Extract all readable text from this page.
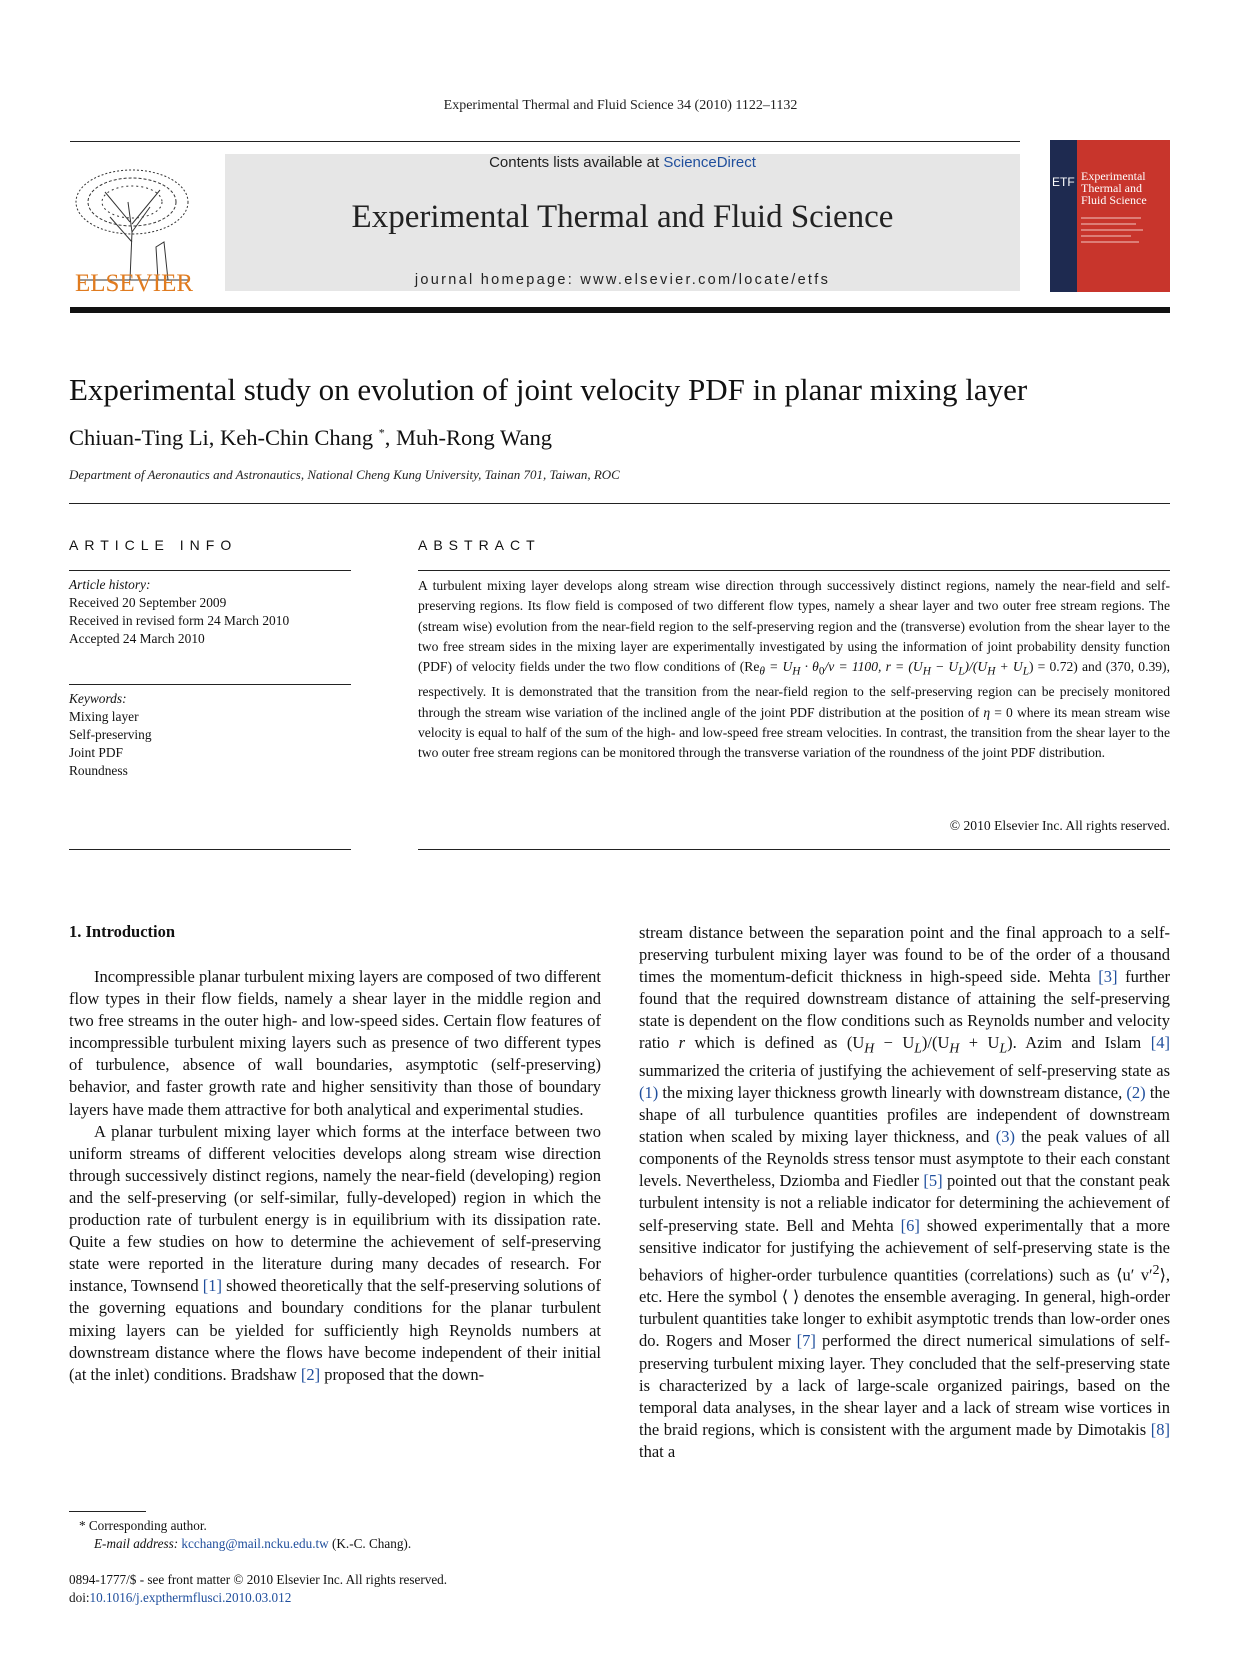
Experimental Thermal and Fluid Science 34 (2010) 1122–1132
ELSEVIER
Contents lists available at ScienceDirect
Experimental Thermal and Fluid Science
journal homepage: www.elsevier.com/locate/etfs
ETF Experimental Thermal and Fluid Science
Experimental study on evolution of joint velocity PDF in planar mixing layer
Chiuan-Ting Li, Keh-Chin Chang *, Muh-Rong Wang
Department of Aeronautics and Astronautics, National Cheng Kung University, Tainan 701, Taiwan, ROC
ARTICLE INFO
Article history:
Received 20 September 2009
Received in revised form 24 March 2010
Accepted 24 March 2010
Keywords:
Mixing layer
Self-preserving
Joint PDF
Roundness
ABSTRACT
A turbulent mixing layer develops along stream wise direction through successively distinct regions, namely the near-field and self-preserving regions. Its flow field is composed of two different flow types, namely a shear layer and two outer free stream regions. The (stream wise) evolution from the near-field region to the self-preserving region and the (transverse) evolution from the shear layer to the two free stream sides in the mixing layer are experimentally investigated by using the information of joint probability density function (PDF) of velocity fields under the two flow conditions of ($Re_\theta = U_H \cdot \theta_0/\nu = 1100$, $r = (U_H - U_L)/(U_H + U_L) = 0.72$) and (370, 0.39), respectively. It is demonstrated that the transition from the near-field region to the self-preserving region can be precisely monitored through the stream wise variation of the inclined angle of the joint PDF distribution at the position of η = 0 where its mean stream wise velocity is equal to half of the sum of the high- and low-speed free stream velocities. In contrast, the transition from the shear layer to the two outer free stream regions can be monitored through the transverse variation of the roundness of the joint PDF distribution.
© 2010 Elsevier Inc. All rights reserved.
1. Introduction

Incompressible planar turbulent mixing layers are composed of two different flow types in their flow fields, namely a shear layer in the middle region and two free streams in the outer high- and low-speed sides. Certain flow features of incompressible turbulent mixing layers such as presence of two different types of turbulence, absence of wall boundaries, asymptotic (self-preserving) behavior, and faster growth rate and higher sensitivity than those of boundary layers have made them attractive for both analytical and experimental studies.

A planar turbulent mixing layer which forms at the interface between two uniform streams of different velocities develops along stream wise direction through successively distinct regions, namely the near-field (developing) region and the self-preserving (or self-similar, fully-developed) region in which the production rate of turbulent energy is in equilibrium with its dissipation rate. Quite a few studies on how to determine the achievement of self-preserving state were reported in the literature during many decades of research. For instance, Townsend [1] showed theoretically that the self-preserving solutions of the governing equations and boundary conditions for the planar turbulent mixing layers can be yielded for sufficiently high Reynolds numbers at downstream distance where the flows have become independent of their initial (at the inlet) conditions. Bradshaw [2] proposed that the down-

stream distance between the separation point and the final approach to a self-preserving turbulent mixing layer was found to be of the order of a thousand times the momentum-deficit thickness in high-speed side. Mehta [3] further found that the required downstream distance of attaining the self-preserving state is dependent on the flow conditions such as Reynolds number and velocity ratio r which is defined as $(U_H - U_L)/(U_H + U_L)$. Azim and Islam [4] summarized the criteria of justifying the achievement of self-preserving state as (1) the mixing layer thickness growth linearly with downstream distance, (2) the shape of all turbulence quantities profiles are independent of downstream station when scaled by mixing layer thickness, and (3) the peak values of all components of the Reynolds stress tensor must asymptote to their each constant levels. Nevertheless, Dziomba and Fiedler [5] pointed out that the constant peak turbulent intensity is not a reliable indicator for determining the achievement of self-preserving state. Bell and Mehta [6] showed experimentally that a more sensitive indicator for justifying the achievement of self-preserving state is the behaviors of higher-order turbulence quantities (correlations) such as ⟨u′ $v'^2⟩$, etc. Here the symbol ⟨ ⟩ denotes the ensemble averaging. In general, high-order turbulent quantities take longer to exhibit asymptotic trends than low-order ones do. Rogers and Moser [7] performed the direct numerical simulations of self-preserving turbulent mixing layer. They concluded that the self-preserving state is characterized by a lack of large-scale organized pairings, based on the temporal data analyses, in the shear layer and a lack of stream wise vortices in the braid regions, which is consistent with the argument made by Dimotakis [8] that a
* Corresponding author.
E-mail address: kcchang@mail.ncku.edu.tw (K.-C. Chang).
0894-1777/$ - see front matter © 2010 Elsevier Inc. All rights reserved.
doi:10.1016/j.expthermflusci.2010.03.012
